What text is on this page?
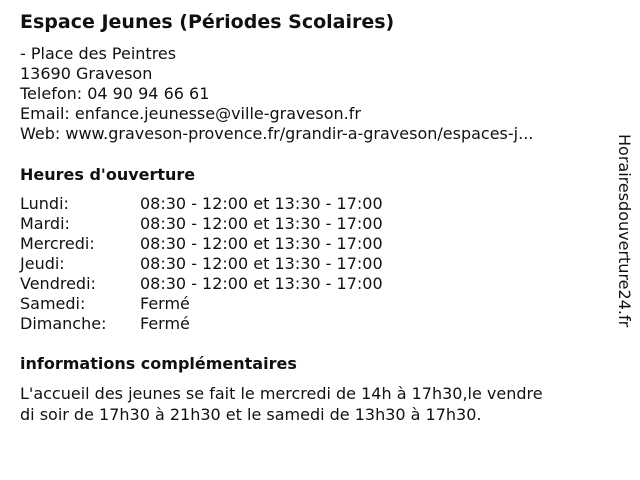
Espace Jeunes (Périodes Scolaires)
- Place des Peintres
13690 Graveson
Telefon: 04 90 94 66 61
Email: enfance.jeunesse@ville-graveson.fr
Web: www.graveson-provence.fr/grandir-a-graveson/espaces-j...
Heures d'ouverture
Lundi:	08:30 - 12:00 et 13:30 - 17:00
Mardi:	08:30 - 12:00 et 13:30 - 17:00
Mercredi:	08:30 - 12:00 et 13:30 - 17:00
Jeudi:	08:30 - 12:00 et 13:30 - 17:00
Vendredi:	08:30 - 12:00 et 13:30 - 17:00
Samedi:	Fermé
Dimanche: Fermé
informations complémentaires
L'accueil des jeunes se fait le mercredi de 14h à 17h30,le vendre
di soir de 17h30 à 21h30 et le samedi de 13h30 à 17h30.
Horairesdouverture24.fr
